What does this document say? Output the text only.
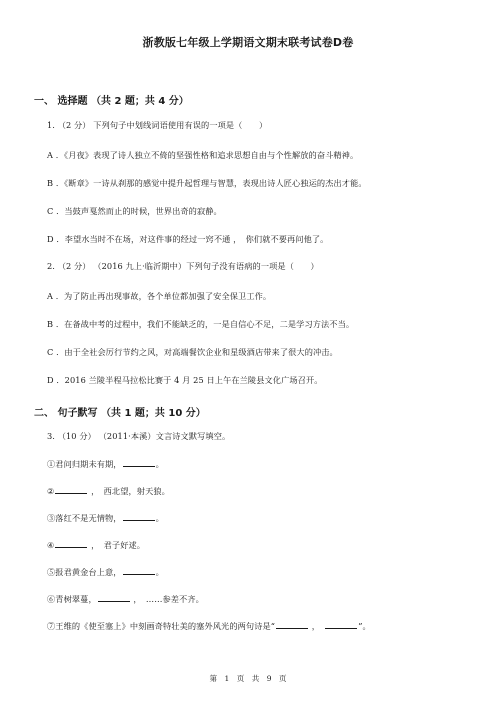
浙教版七年级上学期语文期末联考试卷D卷
一、 选择题 （共 2 题；共 4 分）
1. （2 分） 下列句子中划线词语使用有误的一项是（　　）
A ．《月夜》表现了诗人独立不倚的坚强性格和追求思想自由与个性解放的奋斗精神。
B ．《断章》一诗从刹那的感觉中提升起哲理与智慧，表现出诗人匠心独运的杰出才能。
C ．当鼓声戛然而止的时候，世界出奇的寂静。
D ．李望水当时不在场，对这件事的经过一窍不通 ，　你们就不要再问他了。
2. （2 分） （2016 九上·临沂期中）下列句子没有语病的一项是（　　）
A ．为了防止再出现事故，各个单位都加强了安全保卫工作。
B ．在备战中考的过程中，我们不能缺乏的，一是自信心不足，二是学习方法不当。
C ．由于全社会厉行节约之风，对高端餐饮企业和星级酒店带来了很大的冲击。
D ．2016 兰陵半程马拉松比赛于 4 月 25 日上午在兰陵县文化广场召开。
二、 句子默写 （共 1 题；共 10 分）
3. （10 分） （2011·本溪）文言诗文默写填空。
①君问归期未有期，	。
②	，　西北望，射天狼。
③落红不是无情物，	。
④	，　君子好逑。
⑤报君黄金台上意，	。
⑥青树翠蔓，	，　……参差不齐。
⑦王维的《使至塞上》中刻画奇特壮美的塞外风光的两句诗是“	，　	”。
第　1　页　共　9　页
